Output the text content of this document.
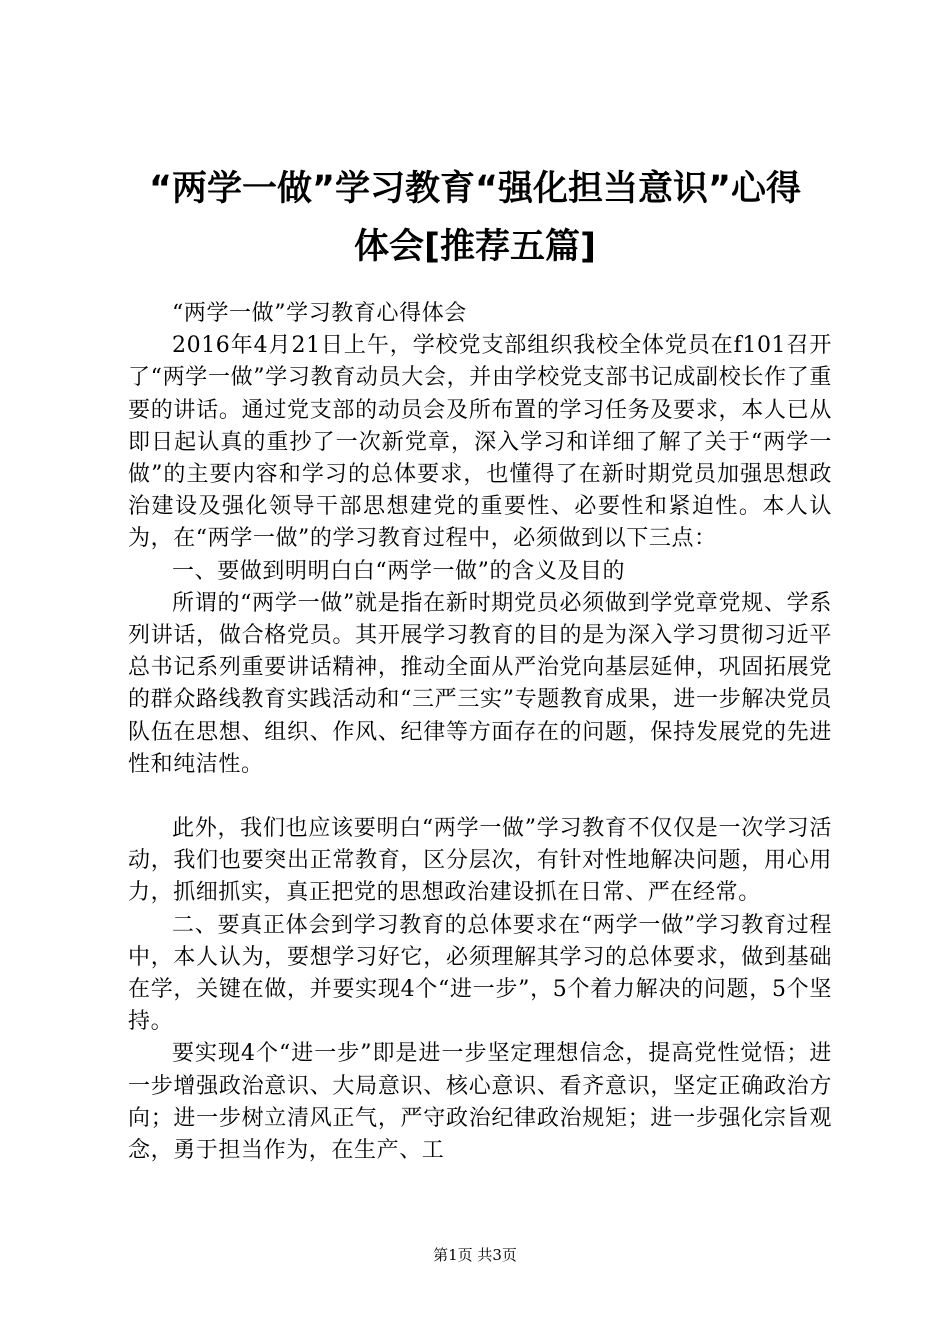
“两学一做”学习教育“强化担当意识”心得
体会[推荐五篇]

“两学一做”学习教育心得体会

2016年4月21日上午，学校党支部组织我校全体党员在f101召开了“两学一做”学习教育动员大会，并由学校党支部书记成副校长作了重要的讲话。通过党支部的动员会及所布置的学习任务及要求，本人已从即日起认真的重抄了一次新党章，深入学习和详细了解了关于“两学一做”的主要内容和学习的总体要求，也懂得了在新时期党员加强思想政治建设及强化领导干部思想建党的重要性、必要性和紧迫性。本人认为，在“两学一做”的学习教育过程中，必须做到以下三点：

一、要做到明明白白“两学一做”的含义及目的

所谓的“两学一做”就是指在新时期党员必须做到学党章党规、学系列讲话，做合格党员。其开展学习教育的目的是为深入学习贯彻习近平总书记系列重要讲话精神，推动全面从严治党向基层延伸，巩固拓展党的群众路线教育实践活动和“三严三实”专题教育成果，进一步解决党员队伍在思想、组织、作风、纪律等方面存在的问题，保持发展党的先进性和纯洁性。

此外，我们也应该要明白“两学一做”学习教育不仅仅是一次学习活动，我们也要突出正常教育，区分层次，有针对性地解决问题，用心用力，抓细抓实，真正把党的思想政治建设抓在日常、严在经常。

二、要真正体会到学习教育的总体要求在“两学一做”学习教育过程中，本人认为，要想学习好它，必须理解其学习的总体要求，做到基础在学，关键在做，并要实现4个“进一步”，5个着力解决的问题，5个坚持。

要实现4个“进一步”即是进一步坚定理想信念，提高党性觉悟；进一步增强政治意识、大局意识、核心意识、看齐意识，坚定正确政治方向；进一步树立清风正气，严守政治纪律政治规矩；进一步强化宗旨观念，勇于担当作为，在生产、工

第1页 共3页
